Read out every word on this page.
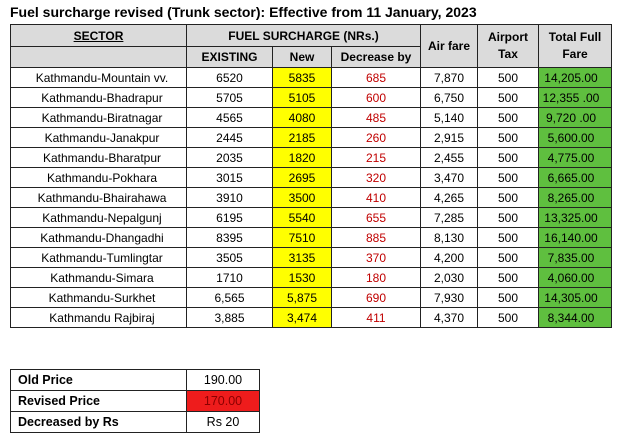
Fuel surcharge revised (Trunk sector): Effective from 11 January, 2023
SECTOR	FUEL SURCHARGE (NRs.)			Air fare	Airport Tax	Total Full Fare
	EXISTING	New	Decrease by			
Kathmandu-Mountain vv.	6520	5835	685	7,870	500	14,205.00
Kathmandu-Bhadrapur	5705	5105	600	6,750	500	12,355 .00
Kathmandu-Biratnagar	4565	4080	485	5,140	500	9,720 .00
Kathmandu-Janakpur	2445	2185	260	2,915	500	5,600.00
Kathmandu-Bharatpur	2035	1820	215	2,455	500	4,775.00
Kathmandu-Pokhara	3015	2695	320	3,470	500	6,665.00
Kathmandu-Bhairahawa	3910	3500	410	4,265	500	8,265.00
Kathmandu-Nepalgunj	6195	5540	655	7,285	500	13,325.00
Kathmandu-Dhangadhi	8395	7510	885	8,130	500	16,140.00
Kathmandu-Tumlingtar	3505	3135	370	4,200	500	7,835.00
Kathmandu-Simara	1710	1530	180	2,030	500	4,060.00
Kathmandu-Surkhet	6,565	5,875	690	7,930	500	14,305.00
Kathmandu Rajbiraj	3,885	3,474	411	4,370	500	8,344.00
Old Price	190.00
Revised Price	170.00
Decreased by Rs	Rs 20
